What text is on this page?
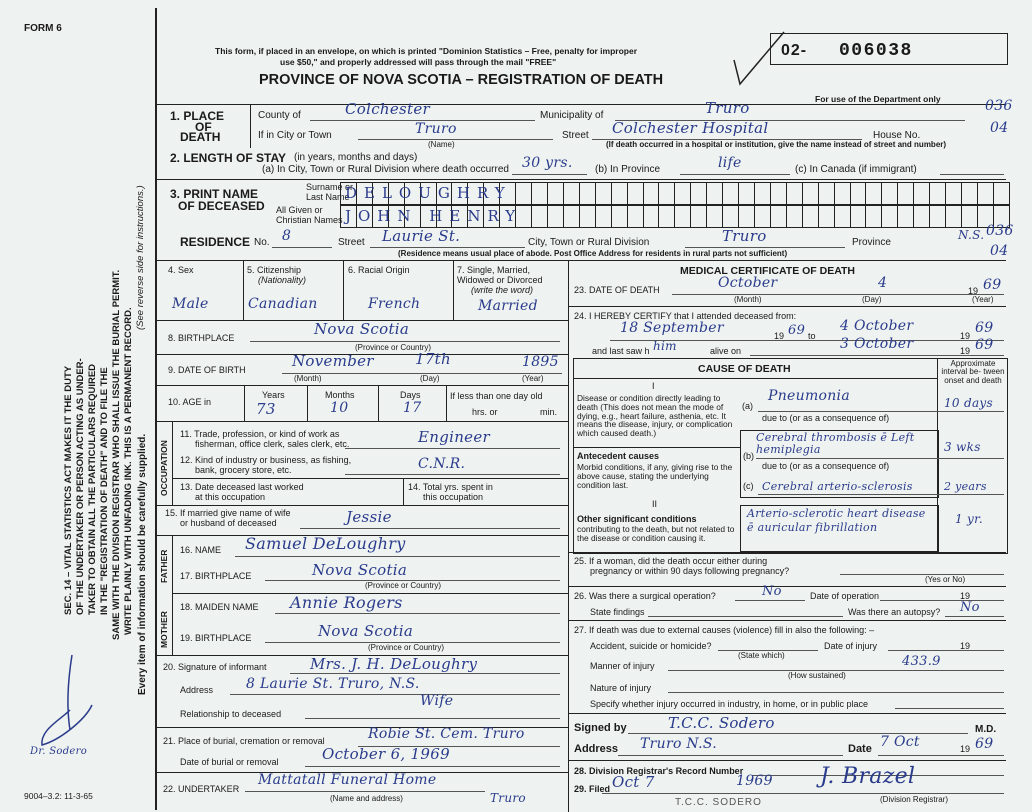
FORM 6
SEC. 14 – VITAL STATISTICS ACT MAKES IT THE DUTY OF THE UNDERTAKER OR PERSON ACTING AS UNDER- TAKER TO OBTAIN ALL THE PARTICULARS REQUIRED IN THE "REGISTRATION OF DEATH" AND TO FILE THE SAME WITH THE DIVISION REGISTRAR WHO SHALL ISSUE THE BURIAL PERMIT. WRITE PLAINLY WITH UNFADING INK. THIS IS A PERMANENT RECORD.
(See reverse side for instructions.)
Every item of information should be carefully supplied.
Dr. Sodero
9004–3.2: 11-3-65
This form, if placed in an envelope, on which is printed "Dominion Statistics – Free, penalty for improper
use $50," and properly addressed will pass through the mail "FREE"
PROVINCE OF NOVA SCOTIA – REGISTRATION OF DEATH
02- 006038
For use of the Department only
1. PLACE
OF
DEATH
County of	Colchester	Municipality of	Truro	036
If in City or Town	Truro
(Name)
Street Colchester Hospital	House No.	04
(If death occurred in a hospital or institution, give the name instead of street and number)
2. LENGTH OF STAY (in years, months and days)
(a) In City, Town or Rural Division where death occurred 30 yrs. (b) In Province	life	(c) In Canada (if immigrant)
3. PRINT NAME
OF DECEASED
Surname or
Last Name
All Given or
Christian Names
DELOUGHRY
JOHN HENRY
RESIDENCE No. 8	Street Laurie St.	City, Town or Rural Division	Truro	Province
N.S. 036
04
(Residence means usual place of abode. Post Office Address for residents in rural parts not sufficient)
4. Sex
Male
5. Citizenship
(Nationality)
Canadian
6. Racial Origin
French
7. Single, Married,
Widowed or Divorced
(write the word)
Married
8. BIRTHPLACE	Nova Scotia
(Province or Country)
9. DATE OF BIRTH	November	17th	1895
(Month)	(Day)	(Year)
10. AGE in
Years	Months	Days
73	10	17
If less than one day old
hrs. or	min.
OCCUPATION
11. Trade, profession, or kind of work as
fisherman, office clerk, sales clerk, etc.	Engineer
12. Kind of industry or business, as fishing,
bank, grocery store, etc.	C.N.R.
13. Date deceased last worked
at this occupation
14. Total yrs. spent in
this occupation
15. If married give name of wife
or husband of deceased	Jessie
FATHER 16. NAME Samuel DeLoughry
17. BIRTHPLACE	Nova Scotia
(Province or Country)
MOTHER
18. MAIDEN NAME Annie Rogers
19. BIRTHPLACE	Nova Scotia
(Province or Country)
20. Signature of informant	Mrs. J. H. DeLoughry
Address 8 Laurie St. Truro, N.S.
Wife
Relationship to deceased
21. Place of burial, cremation or removal	Robie St. Cem. Truro
Date of burial or removal	October 6, 1969
22. UNDERTAKER
Mattatall Funeral Home
Truro
(Name and address)
MEDICAL CERTIFICATE OF DEATH
23. DATE OF DEATH	October	4	19 69
(Month)	(Day)	(Year)
24. I HEREBY CERTIFY that I attended deceased from:
18 September	19 69 to
4 October
19 69
and last saw h him	alive on	3 October	19 69
CAUSE OF DEATH	Approximate interval be- tween onset and death
I
Disease or condition directly leading to death (This does not mean the mode of dying, e.g., heart failure, asthenia, etc. It means the disease, injury, or complication which caused death.)
(a)
Pneumonia	10 days
due to (or as a consequence of)
Antecedent causes
Morbid conditions, if any, giving rise to the above cause, stating the underlying condition last.
(b)
Cerebral thrombosis ē Left hemiplegia	3 wks
due to (or as a consequence of)
(c) Cerebral arterio-sclerosis	2 years
II
Other significant conditions
contributing to the death, but not related to the disease or condition causing it.
Arterio-sclerotic heart disease ē auricular fibrillation
1 yr.
25. If a woman, did the death occur either during
pregnancy or within 90 days following pregnancy?
(Yes or No)
26. Was there a surgical operation?	No	Date of operation	19
State findings	Was there an autopsy? No
27. If death was due to external causes (violence) fill in also the following: –
Accident, suicide or homicide?
(State which)
Date of injury	19
Manner of injury	433.9
(How sustained)
Nature of injury
Specify whether injury occurred in industry, in home, or in public place
Signed by	T.C.C. Sodero	M.D.
Address Truro N.S.	Date 7 Oct	19 69
28. Division Registrar's Record Number
29. Filed Oct 7	1969 J. Brazel
(Division Registrar)
T.C.C. SODERO
